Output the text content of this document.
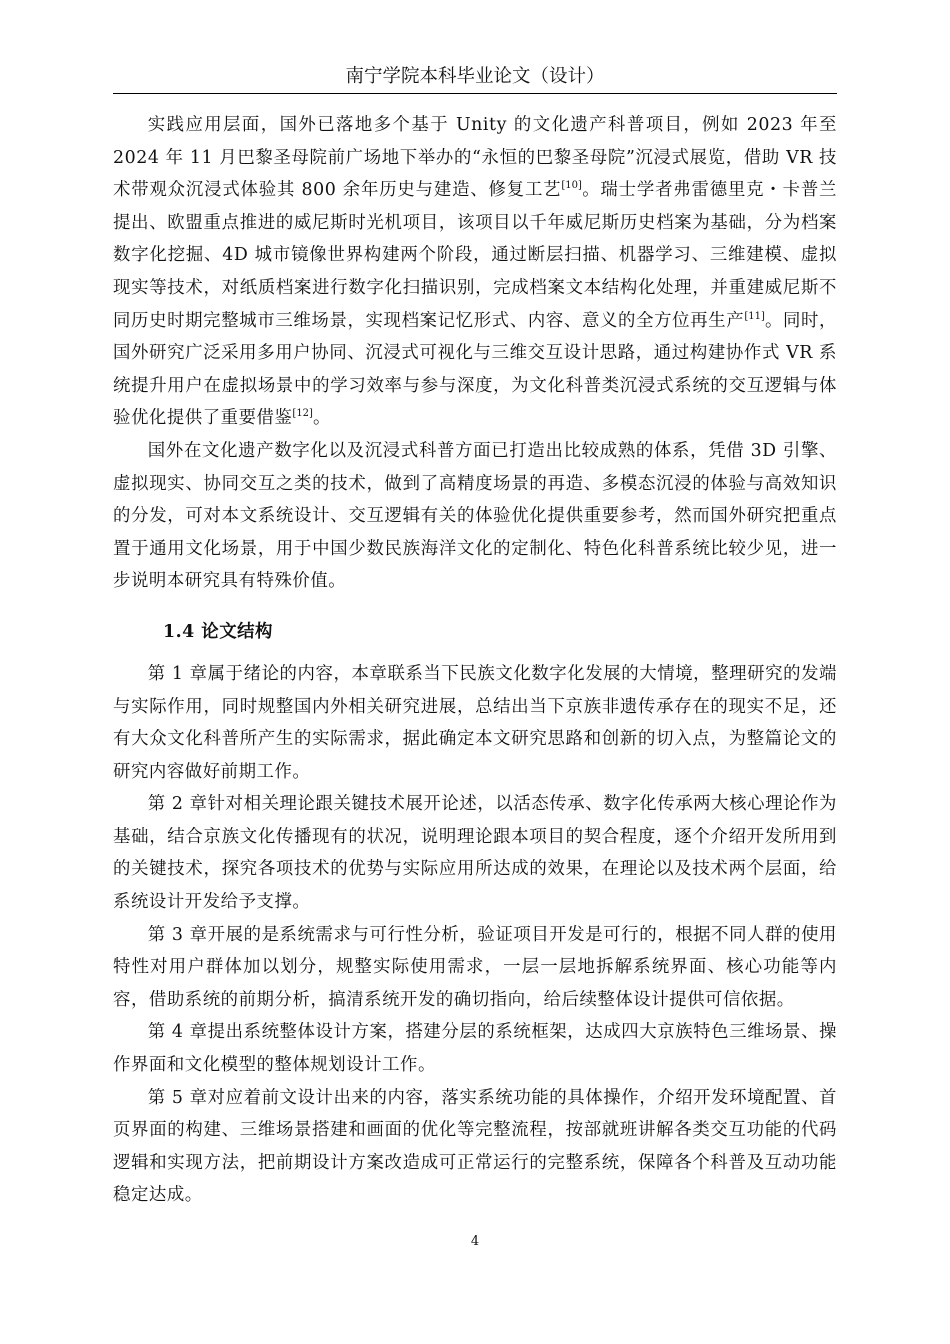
南宁学院本科毕业论文（设计）

实践应用层面，国外已落地多个基于 Unity 的文化遗产科普项目，例如 2023 年至 2024 年 11 月巴黎圣母院前广场地下举办的“永恒的巴黎圣母院”沉浸式展览，借助 VR 技术带观众沉浸式体验其 800 余年历史与建造、修复工艺[10]。瑞士学者弗雷德里克・卡普兰提出、欧盟重点推进的威尼斯时光机项目，该项目以千年威尼斯历史档案为基础，分为档案数字化挖掘、4D 城市镜像世界构建两个阶段，通过断层扫描、机器学习、三维建模、虚拟现实等技术，对纸质档案进行数字化扫描识别，完成档案文本结构化处理，并重建威尼斯不同历史时期完整城市三维场景，实现档案记忆形式、内容、意义的全方位再生产[11]。同时，国外研究广泛采用多用户协同、沉浸式可视化与三维交互设计思路，通过构建协作式 VR 系统提升用户在虚拟场景中的学习效率与参与深度，为文化科普类沉浸式系统的交互逻辑与体验优化提供了重要借鉴[12]。

国外在文化遗产数字化以及沉浸式科普方面已打造出比较成熟的体系，凭借 3D 引擎、虚拟现实、协同交互之类的技术，做到了高精度场景的再造、多模态沉浸的体验与高效知识的分发，可对本文系统设计、交互逻辑有关的体验优化提供重要参考，然而国外研究把重点置于通用文化场景，用于中国少数民族海洋文化的定制化、特色化科普系统比较少见，进一步说明本研究具有特殊价值。

1.4 论文结构

第 1 章属于绪论的内容，本章联系当下民族文化数字化发展的大情境，整理研究的发端与实际作用，同时规整国内外相关研究进展，总结出当下京族非遗传承存在的现实不足，还有大众文化科普所产生的实际需求，据此确定本文研究思路和创新的切入点，为整篇论文的研究内容做好前期工作。

第 2 章针对相关理论跟关键技术展开论述，以活态传承、数字化传承两大核心理论作为基础，结合京族文化传播现有的状况，说明理论跟本项目的契合程度，逐个介绍开发所用到的关键技术，探究各项技术的优势与实际应用所达成的效果，在理论以及技术两个层面，给系统设计开发给予支撑。

第 3 章开展的是系统需求与可行性分析，验证项目开发是可行的，根据不同人群的使用特性对用户群体加以划分，规整实际使用需求，一层一层地拆解系统界面、核心功能等内容，借助系统的前期分析，搞清系统开发的确切指向，给后续整体设计提供可信依据。

第 4 章提出系统整体设计方案，搭建分层的系统框架，达成四大京族特色三维场景、操作界面和文化模型的整体规划设计工作。

第 5 章对应着前文设计出来的内容，落实系统功能的具体操作，介绍开发环境配置、首页界面的构建、三维场景搭建和画面的优化等完整流程，按部就班讲解各类交互功能的代码逻辑和实现方法，把前期设计方案改造成可正常运行的完整系统，保障各个科普及互动功能稳定达成。

4
